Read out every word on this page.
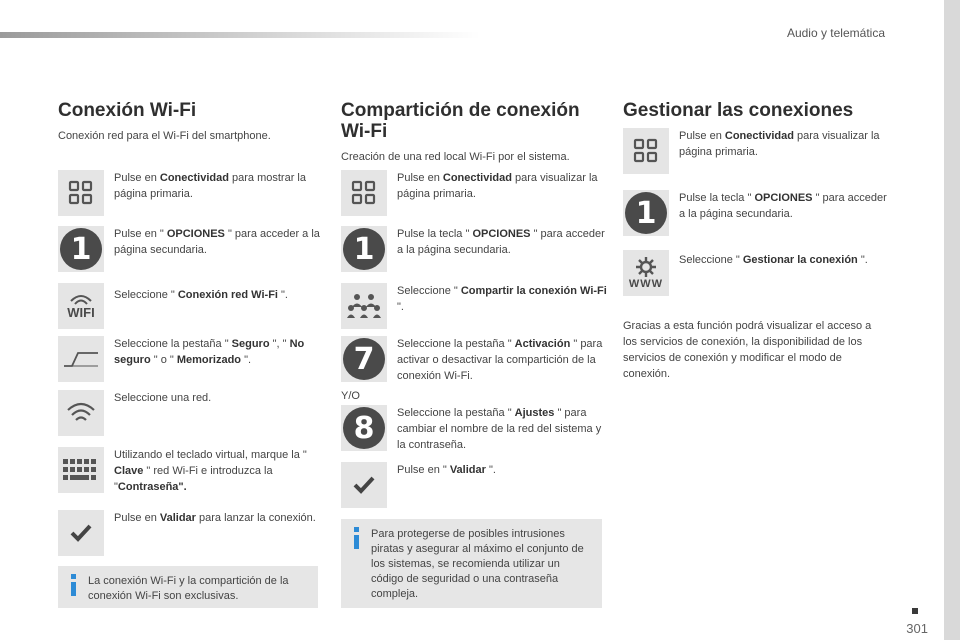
Audio y telemática
301
Conexión Wi-Fi
Conexión red para el Wi-Fi del smartphone.
Pulse en Conectividad para mostrar la página primaria.
1 Pulse en " OPCIONES " para acceder a la página secundaria.
WIFI
Seleccione " Conexión red Wi-Fi ".
Seleccione la pestaña " Seguro ", " No seguro " o " Memorizado ".
Seleccione una red.
Utilizando el teclado virtual, marque la " Clave " red Wi-Fi e introduzca la "Contraseña".
Pulse en Validar para lanzar la conexión.
La conexión Wi-Fi y la compartición de la conexión Wi-Fi son exclusivas.
Compartición de conexión Wi-Fi
Creación de una red local Wi-Fi por el sistema.
Pulse en Conectividad para visualizar la página primaria.
1 Pulse la tecla " OPCIONES " para acceder a la página secundaria.
Seleccione " Compartir la conexión Wi-Fi ".
7 Seleccione la pestaña " Activación " para activar o desactivar la compartición de la conexión Wi-Fi.
Y/O
8 Seleccione la pestaña " Ajustes " para cambiar el nombre de la red del sistema y la contraseña.
Pulse en " Validar ".
Para protegerse de posibles intrusiones piratas y asegurar al máximo el conjunto de los sistemas, se recomienda utilizar un código de seguridad o una contraseña compleja.
Gestionar las conexiones
Pulse en Conectividad para visualizar la página primaria.
1 Pulse la tecla " OPCIONES " para acceder a la página secundaria.
WWW
Seleccione " Gestionar la conexión ".
Gracias a esta función podrá visualizar el acceso a los servicios de conexión, la disponibilidad de los servicios de conexión y modificar el modo de conexión.
